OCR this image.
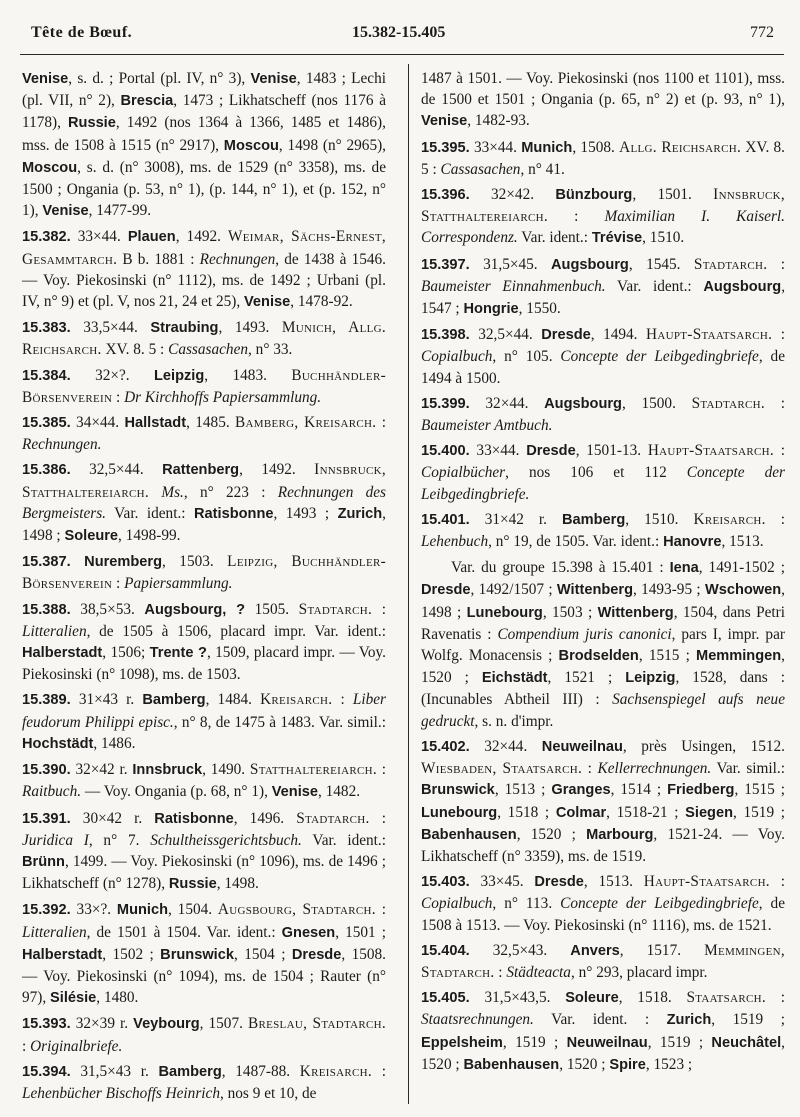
Tête de Bœuf.	15.382-15.405	772
Venise, s. d. ; Portal (pl. IV, n° 3), Venise, 1483 ; Lechi (pl. VII, n° 2), Brescia, 1473 ; Likhatscheff (nos 1176 à 1178), Russie, 1492 (nos 1364 à 1366, 1485 et 1486), mss. de 1508 à 1515 (n° 2917), Moscou, 1498 (n° 2965), Moscou, s. d. (n° 3008), ms. de 1529 (n° 3358), ms. de 1500 ; Ongania (p. 53, n° 1), (p. 144, n° 1), et (p. 152, n° 1), Venise, 1477-99.
15.382. 33×44. Plauen, 1492. Weimar, Sächs-Ernest, Gesammtarch. B b. 1881 : Rechnungen, de 1438 à 1546. — Voy. Piekosinski (n° 1112), ms. de 1492 ; Urbani (pl. IV, n° 9) et (pl. V, nos 21, 24 et 25), Venise, 1478-92.
15.383. 33,5×44. Straubing, 1493. Munich, Allg. Reichsarch. XV. 8. 5 : Cassasachen, n° 33.
15.384. 32×?. Leipzig, 1483. Buchhändler-Börsenverein : Dr Kirchhoffs Papiersammlung.
15.385. 34×44. Hallstadt, 1485. Bamberg, Kreisarch. : Rechnungen.
15.386. 32,5×44. Rattenberg, 1492. Innsbruck, Statthaltereiarch. Ms., n° 223 : Rechnungen des Bergmeisters. Var. ident.: Ratisbonne, 1493 ; Zurich, 1498 ; Soleure, 1498-99.
15.387. Nuremberg, 1503. Leipzig, Buchhändler-Börsenverein : Papiersammlung.
15.388. 38,5×53. Augsbourg, ? 1505. Stadtarch. : Litteralien, de 1505 à 1506, placard impr. Var. ident.: Halberstadt, 1506; Trente ?, 1509, placard impr. — Voy. Piekosinski (n° 1098), ms. de 1503.
15.389. 31×43 r. Bamberg, 1484. Kreisarch. : Liber feudorum Philippi episc., n° 8, de 1475 à 1483. Var. simil.: Hochstädt, 1486.
15.390. 32×42 r. Innsbruck, 1490. Statthaltereiarch. : Raitbuch. — Voy. Ongania (p. 68, n° 1), Venise, 1482.
15.391. 30×42 r. Ratisbonne, 1496. Stadtarch. : Juridica I, n° 7. Schultheissgerichtsbuch. Var. ident.: Brünn, 1499. — Voy. Piekosinski (n° 1096), ms. de 1496 ; Likhatscheff (n° 1278), Russie, 1498.
15.392. 33×?. Munich, 1504. Augsbourg, Stadtarch. : Litteralien, de 1501 à 1504. Var. ident.: Gnesen, 1501 ; Halberstadt, 1502 ; Brunswick, 1504 ; Dresde, 1508. — Voy. Piekosinski (n° 1094), ms. de 1504 ; Rauter (n° 97), Silésie, 1480.
15.393. 32×39 r. Veybourg, 1507. Breslau, Stadtarch. : Originalbriefe.
15.394. 31,5×43 r. Bamberg, 1487-88. Kreisarch. : Lehenbücher Bischoffs Heinrich, nos 9 et 10, de
1487 à 1501. — Voy. Piekosinski (nos 1100 et 1101), mss. de 1500 et 1501 ; Ongania (p. 65, n° 2) et (p. 93, n° 1), Venise, 1482-93.
15.395. 33×44. Munich, 1508. Allg. Reichsarch. XV. 8. 5 : Cassasachen, n° 41.
15.396. 32×42. Bünzbourg, 1501. Innsbruck, Statthaltereiarch. : Maximilian I. Kaiserl. Correspondenz. Var. ident.: Trévise, 1510.
15.397. 31,5×45. Augsbourg, 1545. Stadtarch. : Baumeister Einnahmenbuch. Var. ident.: Augsbourg, 1547 ; Hongrie, 1550.
15.398. 32,5×44. Dresde, 1494. Haupt-Staatsarch. : Copialbuch, n° 105. Concepte der Leibgedingbriefe, de 1494 à 1500.
15.399. 32×44. Augsbourg, 1500. Stadtarch. : Baumeister Amtbuch.
15.400. 33×44. Dresde, 1501-13. Haupt-Staatsarch. : Copialbücher, nos 106 et 112 Concepte der Leibgedingbriefe.
15.401. 31×42 r. Bamberg, 1510. Kreisarch. : Lehenbuch, n° 19, de 1505. Var. ident.: Hanovre, 1513.
Var. du groupe 15.398 à 15.401 : Iena, 1491-1502 ; Dresde, 1492/1507 ; Wittenberg, 1493-95 ; Wschowen, 1498 ; Lunebourg, 1503 ; Wittenberg, 1504, dans Petri Ravenatis : Compendium juris canonici, pars I, impr. par Wolfg. Monacensis ; Brodselden, 1515 ; Memmingen, 1520 ; Eichstädt, 1521 ; Leipzig, 1528, dans : (Incunables Abtheil III) : Sachsenspiegel aufs neue gedruckt, s. n. d'impr.
15.402. 32×44. Neuweilnau, près Usingen, 1512. Wiesbaden, Staatsarch. : Kellerrechnungen. Var. simil.: Brunswick, 1513 ; Granges, 1514 ; Friedberg, 1515 ; Lunebourg, 1518 ; Colmar, 1518-21 ; Siegen, 1519 ; Babenhausen, 1520 ; Marbourg, 1521-24. — Voy. Likhatscheff (n° 3359), ms. de 1519.
15.403. 33×45. Dresde, 1513. Haupt-Staatsarch. : Copialbuch, n° 113. Concepte der Leibgedingbriefe, de 1508 à 1513. — Voy. Piekosinski (n° 1116), ms. de 1521.
15.404. 32,5×43. Anvers, 1517. Memmingen, Stadtarch. : Städteacta, n° 293, placard impr.
15.405. 31,5×43,5. Soleure, 1518. Staatsarch. : Staatsrechnungen. Var. ident. : Zurich, 1519 ; Eppelsheim, 1519 ; Neuweilnau, 1519 ; Neuchâtel, 1520 ; Babenhausen, 1520 ; Spire, 1523 ;
